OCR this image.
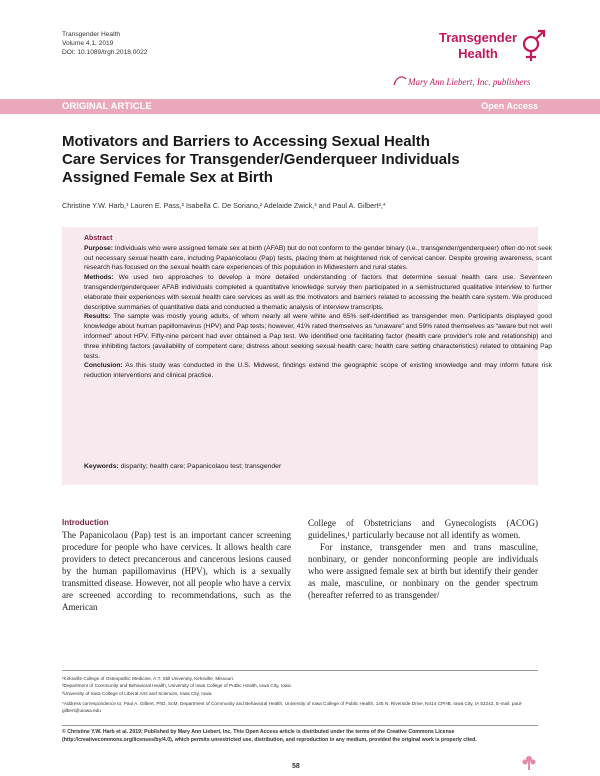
Transgender Health
Volume 4.1, 2019
DOI: 10.1089/trgh.2018.0022
Transgender
Health
Mary Ann Liebert, Inc. publishers
ORIGINAL ARTICLE	Open Access
Motivators and Barriers to Accessing Sexual Health Care Services for Transgender/Genderqueer Individuals Assigned Female Sex at Birth
Christine Y.W. Harb,¹ Lauren E. Pass,² Isabella C. De Soriano,² Adelaide Zwick,³ and Paul A. Gilbert²,*

Abstract

Purpose: Individuals who were assigned female sex at birth (AFAB) but do not conform to the gender binary (i.e., transgender/genderqueer) often do not seek out necessary sexual health care, including Papanicolaou (Pap) tests, placing them at heightened risk of cervical cancer. Despite growing awareness, scant research has focused on the sexual health care experiences of this population in Midwestern and rural states.

Methods: We used two approaches to develop a more detailed understanding of factors that determine sexual health care use. Seventeen transgender/genderqueer AFAB individuals completed a quantitative knowledge survey then participated in a semistructured qualitative interview to further elaborate their experiences with sexual health care services as well as the motivators and barriers related to accessing the health care system. We produced descriptive summaries of quantitative data and conducted a thematic analysis of interview transcripts.

Results: The sample was mostly young adults, of whom nearly all were white and 65% self-identified as transgender men. Participants displayed good knowledge about human papillomavirus (HPV) and Pap tests; however, 41% rated themselves as “unaware” and 59% rated themselves as “aware but not well informed” about HPV. Fifty-nine percent had ever obtained a Pap test. We identified one facilitating factor (health care provider's role and relationship) and three inhibiting factors (availability of competent care; distress about seeking sexual health care; health care setting characteristics) related to obtaining Pap tests.

Conclusion: As this study was conducted in the U.S. Midwest, findings extend the geographic scope of existing knowledge and may inform future risk reduction interventions and clinical practice.

Keywords: disparity; health care; Papanicolaou test; transgender
Introduction
The Papanicolaou (Pap) test is an important cancer screening procedure for people who have cervices. It allows health care providers to detect precancerous and cancerous lesions caused by the human papillomavirus (HPV), which is a sexually transmitted disease. However, not all people who have a cervix are screened according to recommendations, such as the American
College of Obstetricians and Gynecologists (ACOG) guidelines,¹ particularly because not all identify as women.
For instance, transgender men and trans masculine, nonbinary, or gender nonconforming people are individuals who were assigned female sex at birth but identify their gender as male, masculine, or nonbinary on the gender spectrum (hereafter referred to as transgender/
¹Kirksville College of Osteopathic Medicine, A.T. Still University, Kirksville, Missouri.
²Department of Community and Behavioral Health, University of Iowa College of Public Health, Iowa City, Iowa.
³University of Iowa College of Liberal Arts and Sciences, Iowa City, Iowa.
*Address correspondence to: Paul A. Gilbert, PhD, ScM, Department of Community and Behavioral Health, University of Iowa College of Public Health, 145 N. Riverside Drive, N414 CPHB, Iowa City, IA 52242, E-mail: paul-gilbert@uiowa.edu
© Christine Y.W. Harb et al. 2019; Published by Mary Ann Liebert, Inc. This Open Access article is distributed under the terms of the Creative Commons License (http://creativecommons.org/licenses/by/4.0), which permits unrestricted use, distribution, and reproduction in any medium, provided the original work is properly cited.
58
